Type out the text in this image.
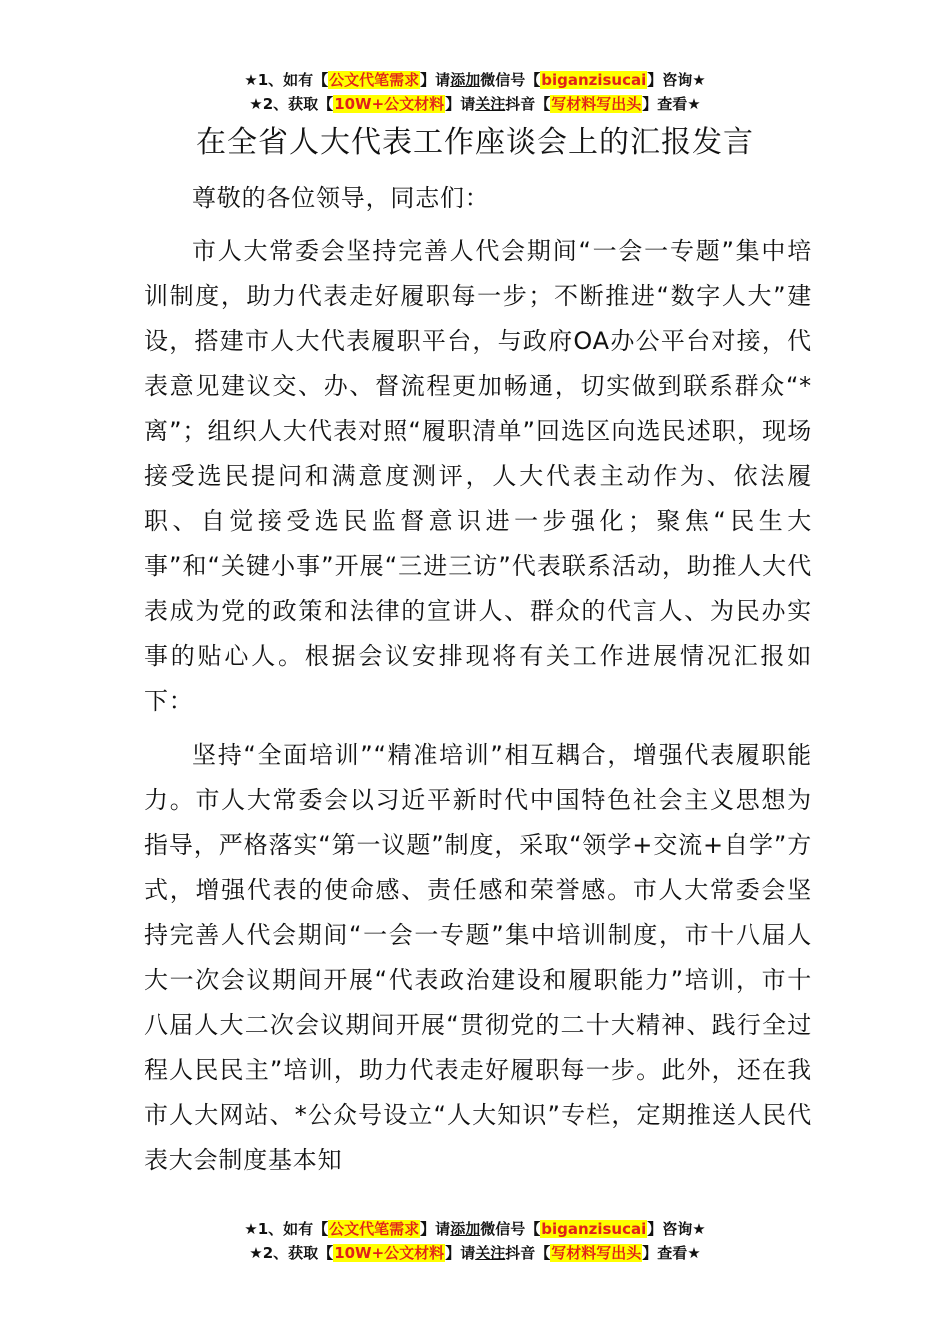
★1、如有【公文代笔需求】请添加微信号【biganzisucai】咨询★
★2、获取【10W+公文材料】请关注抖音【写材料写出头】查看★
在全省人大代表工作座谈会上的汇报发言

尊敬的各位领导，同志们：

市人大常委会坚持完善人代会期间“一会一专题”集中培训制度，助力代表走好履职每一步；不断推进“数字人大”建设，搭建市人大代表履职平台，与政府OA办公平台对接，代表意见建议交、办、督流程更加畅通，切实做到联系群众“*离”；组织人大代表对照“履职清单”回选区向选民述职，现场接受选民提问和满意度测评，人大代表主动作为、依法履职、自觉接受选民监督意识进一步强化；聚焦“民生大事”和“关键小事”开展“三进三访”代表联系活动，助推人大代表成为党的政策和法律的宣讲人、群众的代言人、为民办实事的贴心人。根据会议安排现将有关工作进展情况汇报如下：

坚持“全面培训”“精准培训”相互耦合，增强代表履职能力。市人大常委会以习近平新时代中国特色社会主义思想为指导，严格落实“第一议题”制度，采取“领学+交流+自学”方式，增强代表的使命感、责任感和荣誉感。市人大常委会坚持完善人代会期间“一会一专题”集中培训制度，市十八届人大一次会议期间开展“代表政治建设和履职能力”培训，市十八届人大二次会议期间开展“贯彻党的二十大精神、践行全过程人民民主”培训，助力代表走好履职每一步。此外，还在我市人大网站、*公众号设立“人大知识”专栏，定期推送人民代表大会制度基本知

★1、如有【公文代笔需求】请添加微信号【biganzisucai】咨询★
★2、获取【10W+公文材料】请关注抖音【写材料写出头】查看★
